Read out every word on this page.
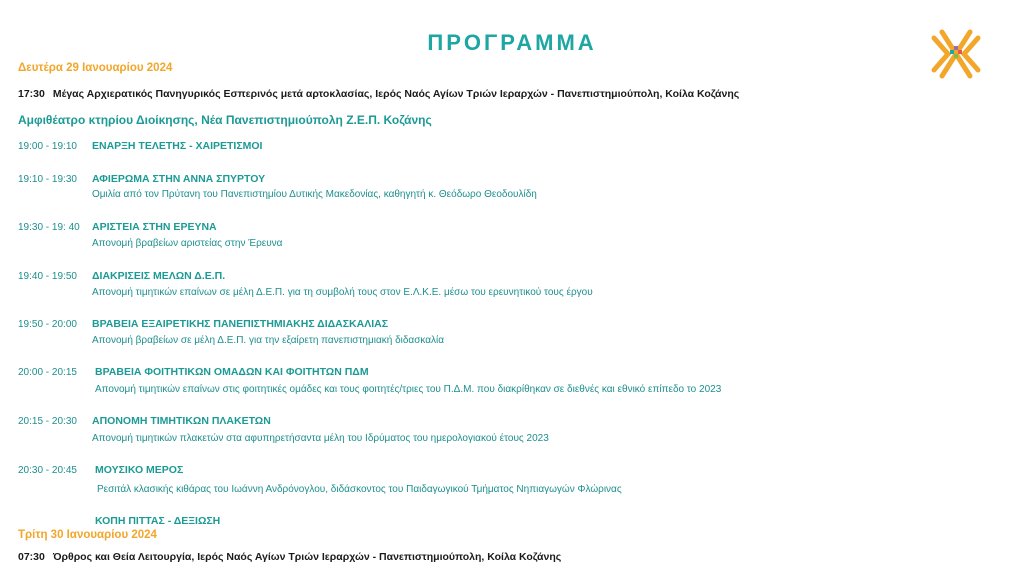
ΠΡΟΓΡΑΜΜΑ
Δευτέρα 29 Ιανουαρίου 2024
17:30 Μέγας Αρχιερατικός Πανηγυρικός Εσπερινός μετά αρτοκλασίας, Ιερός Ναός Αγίων Τριών Ιεραρχών - Πανεπιστημιούπολη, Κοίλα Κοζάνης
Αμφιθέατρο κτηρίου Διοίκησης, Νέα Πανεπιστημιούπολη Ζ.Ε.Π. Κοζάνης
19:00 - 19:10 ΕΝΑΡΞΗ ΤΕΛΕΤΗΣ - ΧΑΙΡΕΤΙΣΜΟΙ
19:10 - 19:30 ΑΦΙΕΡΩΜΑ ΣΤΗΝ ΑΝΝΑ ΣΠΥΡΤΟΥ
Ομιλία από τον Πρύτανη του Πανεπιστημίου Δυτικής Μακεδονίας, καθηγητή κ. Θεόδωρο Θεοδουλίδη
19:30 - 19: 40 ΑΡΙΣΤΕΙΑ ΣΤΗΝ ΕΡΕΥΝΑ
Απονομή βραβείων αριστείας στην Έρευνα
19:40 - 19:50 ΔΙΑΚΡΙΣΕΙΣ ΜΕΛΩΝ Δ.Ε.Π.
Απονομή τιμητικών επαίνων σε μέλη Δ.Ε.Π. για τη συμβολή τους στον Ε.Λ.Κ.Ε. μέσω του ερευνητικού τους έργου
19:50 - 20:00 ΒΡΑΒΕΙΑ ΕΞΑΙΡΕΤΙΚΗΣ ΠΑΝΕΠΙΣΤΗΜΙΑΚΗΣ ΔΙΔΑΣΚΑΛΙΑΣ
Απονομή βραβείων σε μέλη Δ.Ε.Π. για την εξαίρετη πανεπιστημιακή διδασκαλία
20:00 - 20:15 ΒΡΑΒΕΙΑ ΦΟΙΤΗΤΙΚΩΝ ΟΜΑΔΩΝ ΚΑΙ ΦΟΙΤΗΤΩΝ ΠΔΜ
Απονομή τιμητικών επαίνων στις φοιτητικές ομάδες και τους φοιτητές/τριες του Π.Δ.Μ. που διακρίθηκαν σε διεθνές και εθνικό επίπεδο το 2023
20:15 - 20:30 ΑΠΟΝΟΜΗ ΤΙΜΗΤΙΚΩΝ ΠΛΑΚΕΤΩΝ
Απονομή τιμητικών πλακετών στα αφυπηρετήσαντα μέλη του Ιδρύματος του ημερολογιακού έτους 2023
20:30 - 20:45 ΜΟΥΣΙΚΟ ΜΕΡΟΣ
Ρεσιτάλ κλασικής κιθάρας του Ιωάννη Ανδρόνογλου, διδάσκοντος του Παιδαγωγικού Τμήματος Νηπιαγωγών Φλώρινας
ΚΟΠΗ ΠΙΤΤΑΣ - ΔΕΞΙΩΣΗ
Τρίτη 30 Ιανουαρίου 2024
07:30 Όρθρος και Θεία Λειτουργία, Ιερός Ναός Αγίων Τριών Ιεραρχών - Πανεπιστημιούπολη, Κοίλα Κοζάνης
